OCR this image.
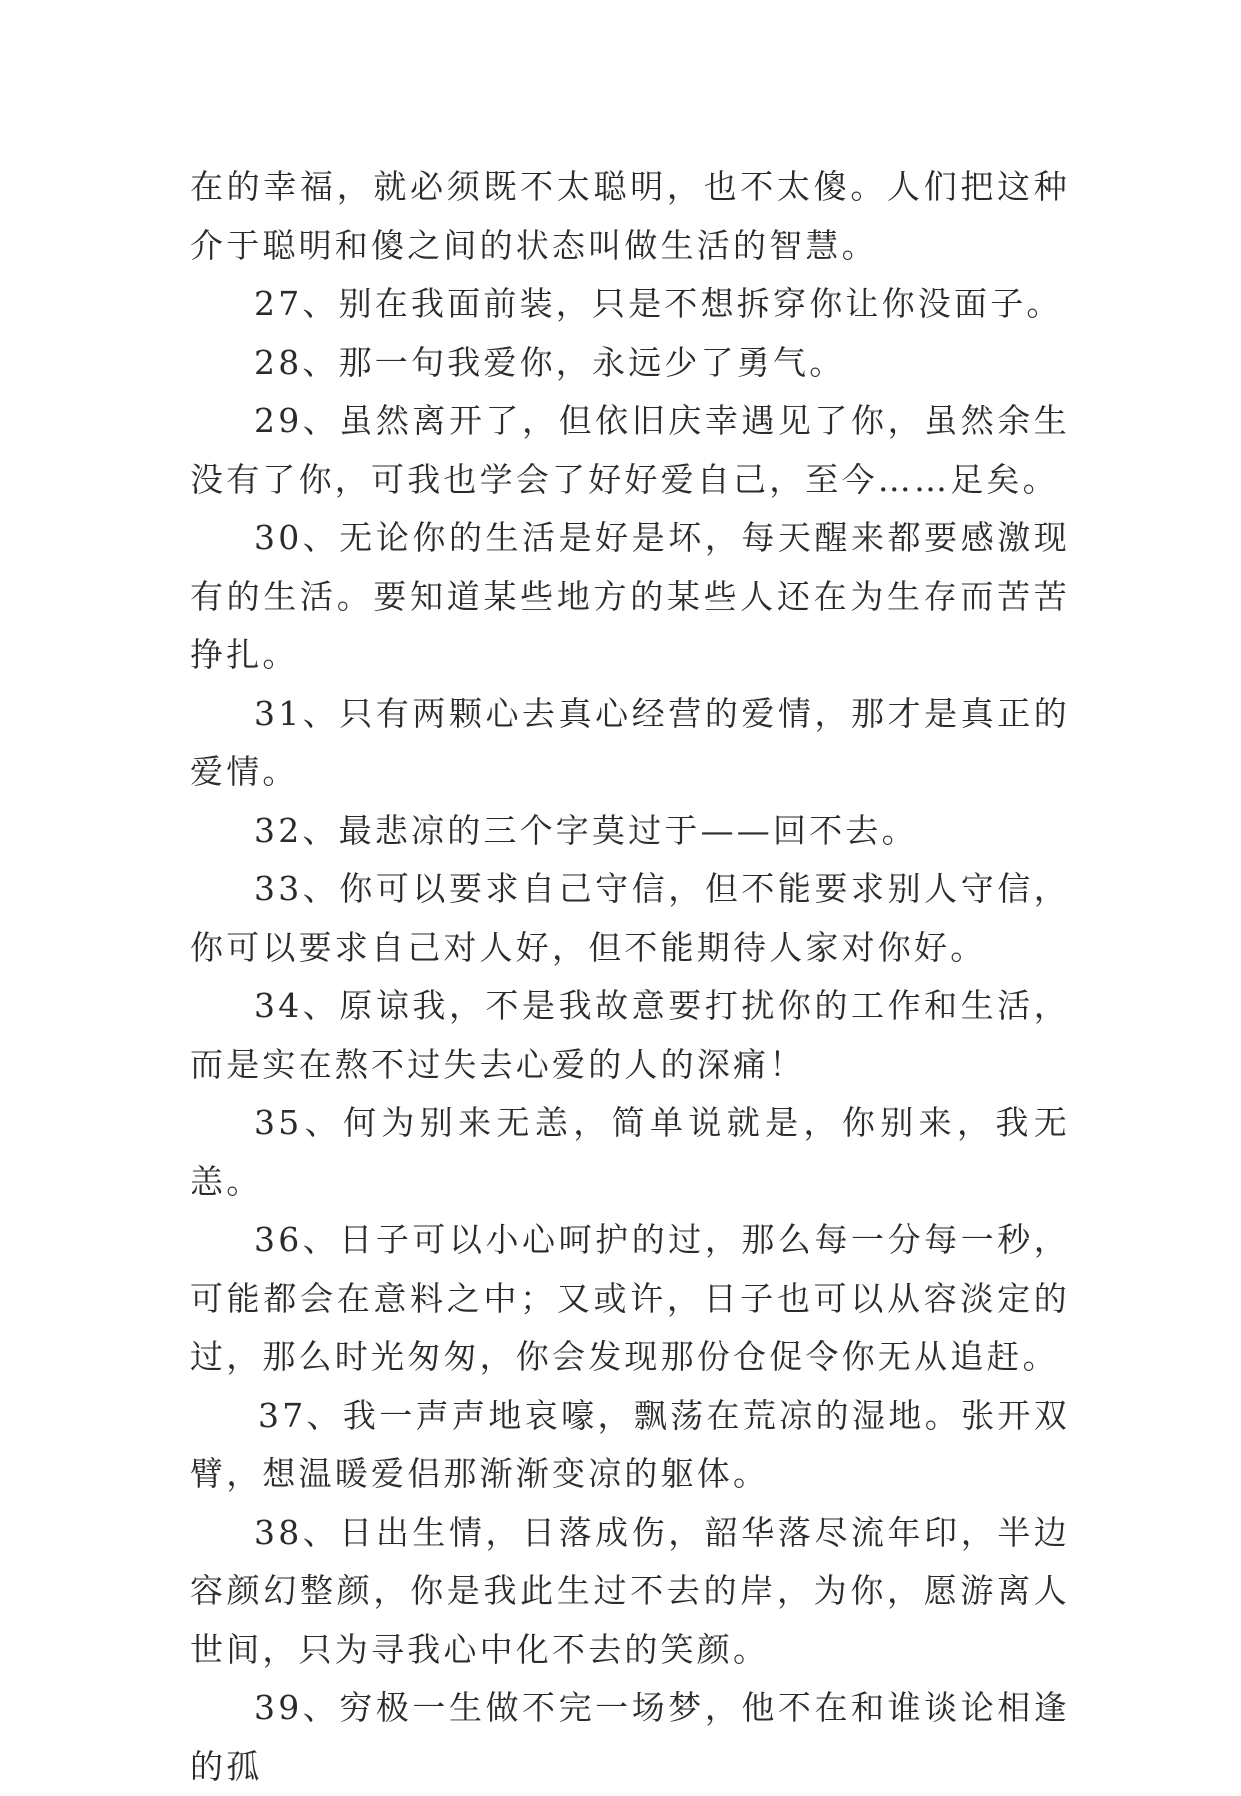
在的幸福，就必须既不太聪明，也不太傻。人们把这种介于聪明和傻之间的状态叫做生活的智慧。

27、别在我面前装，只是不想拆穿你让你没面子。

28、那一句我爱你，永远少了勇气。

29、虽然离开了，但依旧庆幸遇见了你，虽然余生没有了你，可我也学会了好好爱自己，至今……足矣。

30、无论你的生活是好是坏，每天醒来都要感激现有的生活。要知道某些地方的某些人还在为生存而苦苦挣扎。

31、只有两颗心去真心经营的爱情，那才是真正的爱情。

32、最悲凉的三个字莫过于——回不去。

33、你可以要求自己守信，但不能要求别人守信，你可以要求自己对人好，但不能期待人家对你好。

34、原谅我，不是我故意要打扰你的工作和生活，而是实在熬不过失去心爱的人的深痛！

35、何为别来无恙，简单说就是，你别来，我无恙。

36、日子可以小心呵护的过，那么每一分每一秒，可能都会在意料之中；又或许，日子也可以从容淡定的过，那么时光匆匆，你会发现那份仓促令你无从追赶。

37、我一声声地哀嚎，飘荡在荒凉的湿地。张开双臂，想温暖爱侣那渐渐变凉的躯体。

38、日出生情，日落成伤，韶华落尽流年印，半边容颜幻整颜，你是我此生过不去的岸，为你，愿游离人世间，只为寻我心中化不去的笑颜。

39、穷极一生做不完一场梦，他不在和谁谈论相逢的孤
